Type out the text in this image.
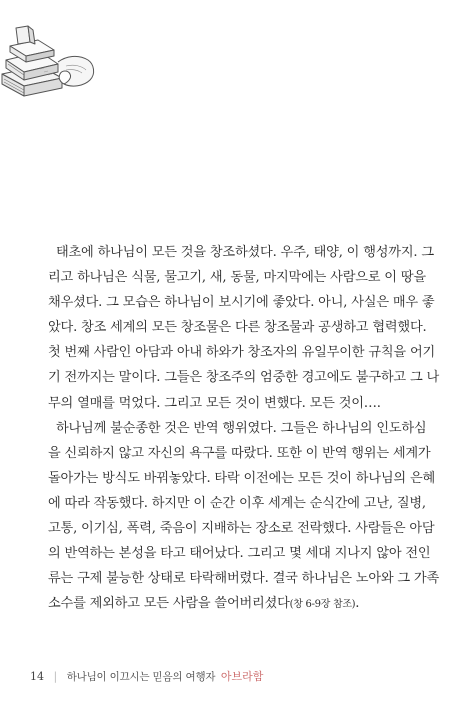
태초에 하나님이 모든 것을 창조하셨다. 우주, 태양, 이 행성까지. 그
리고 하나님은 식물, 물고기, 새, 동물, 마지막에는 사람으로 이 땅을
채우셨다. 그 모습은 하나님이 보시기에 좋았다. 아니, 사실은 매우 좋
았다. 창조 세계의 모든 창조물은 다른 창조물과 공생하고 협력했다.
첫 번째 사람인 아담과 아내 하와가 창조자의 유일무이한 규칙을 어기
기 전까지는 말이다. 그들은 창조주의 엄중한 경고에도 불구하고 그 나
무의 열매를 먹었다. 그리고 모든 것이 변했다. 모든 것이….

하나님께 불순종한 것은 반역 행위였다. 그들은 하나님의 인도하심
을 신뢰하지 않고 자신의 욕구를 따랐다. 또한 이 반역 행위는 세계가
돌아가는 방식도 바꿔놓았다. 타락 이전에는 모든 것이 하나님의 은혜
에 따라 작동했다. 하지만 이 순간 이후 세계는 순식간에 고난, 질병,
고통, 이기심, 폭력, 죽음이 지배하는 장소로 전락했다. 사람들은 아담
의 반역하는 본성을 타고 태어났다. 그리고 몇 세대 지나지 않아 전인
류는 구제 불능한 상태로 타락해버렸다. 결국 하나님은 노아와 그 가족
소수를 제외하고 모든 사람을 쓸어버리셨다(창 6-9장 참조).

14 | 하나님이 이끄시는 믿음의 여행자 아브라함
